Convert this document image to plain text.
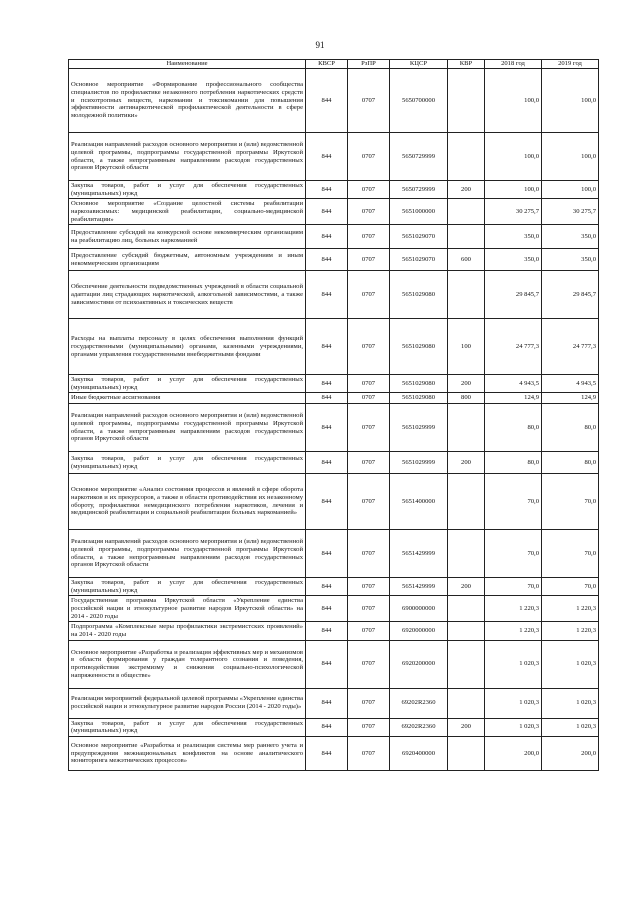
91
Наименование	КВСР	РзПР	КЦСР	КВР	2018 год	2019 год
Основное мероприятие «Формирование профессионального сообщества специалистов по профилактике незаконного потребления наркотических средств и психотропных веществ, наркомании и токсикомании для повышения эффективности антинаркотической профилактической деятельности в сфере молодежной политики»	844	0707	5650700000		100,0	100,0
Реализация направлений расходов основного мероприятия и (или) ведомственной целевой программы, подпрограммы государственной программы Иркутской области, а также непрограммным направлениям расходов государственных органов Иркутской области	844	0707	5650729999		100,0	100,0
Закупка товаров, работ и услуг для обеспечения государственных (муниципальных) нужд	844	0707	5650729999	200	100,0	100,0
Основное мероприятие «Создание целостной системы реабилитации наркозависимых: медицинской реабилитации, социально-медицинской реабилитации»	844	0707	5651000000		30 275,7	30 275,7
Предоставление субсидий на конкурсной основе некоммерческим организациям на реабилитацию лиц, больных наркоманией	844	0707	5651029070		350,0	350,0
Предоставление субсидий бюджетным, автономным учреждениям и иным некоммерческим организациям	844	0707	5651029070	600	350,0	350,0
Обеспечение деятельности подведомственных учреждений в области социальной адаптации лиц страдающих наркотической, алкогольной зависимостями, а также зависимостями от психоактивных и токсических веществ	844	0707	5651029080		29 845,7	29 845,7
Расходы на выплаты персоналу в целях обеспечения выполнения функций государственными (муниципальными) органами, казенными учреждениями, органами управления государственными внебюджетными фондами	844	0707	5651029080	100	24 777,3	24 777,3
Закупка товаров, работ и услуг для обеспечения государственных (муниципальных) нужд	844	0707	5651029080	200	4 943,5	4 943,5
Иные бюджетные ассигнования	844	0707	5651029080	800	124,9	124,9
Реализация направлений расходов основного мероприятия и (или) ведомственной целевой программы, подпрограммы государственной программы Иркутской области, а также непрограммным направлениям расходов государственных органов Иркутской области	844	0707	5651029999		80,0	80,0
Закупка товаров, работ и услуг для обеспечения государственных (муниципальных) нужд	844	0707	5651029999	200	80,0	80,0
Основное мероприятие «Анализ состояния процессов и явлений в сфере оборота наркотиков и их прекурсоров, а также в области противодействия их незаконному обороту, профилактики немедицинского потребления наркотиков, лечения и медицинской реабилитации и социальной реабилитации больных наркоманией»	844	0707	5651400000		70,0	70,0
Реализация направлений расходов основного мероприятия и (или) ведомственной целевой программы, подпрограммы государственной программы Иркутской области, а также непрограммным направлениям расходов государственных органов Иркутской области	844	0707	5651429999		70,0	70,0
Закупка товаров, работ и услуг для обеспечения государственных (муниципальных) нужд	844	0707	5651429999	200	70,0	70,0
Государственная программа Иркутской области «Укрепление единства российской нации и этнокультурное развитие народов Иркутской области» на 2014 - 2020 годы	844	0707	6900000000		1 220,3	1 220,3
Подпрограмма «Комплексные меры профилактики экстремистских проявлений» на 2014 - 2020 годы	844	0707	6920000000		1 220,3	1 220,3
Основное мероприятие «Разработка и реализация эффективных мер и механизмов в области формирования у граждан толерантного сознания и поведения, противодействия экстремизму и снижения социально-психологической напряженности в обществе»	844	0707	6920200000		1 020,3	1 020,3
Реализация мероприятий федеральной целевой программы «Укрепление единства российской нации и этнокультурное развитие народов России (2014 - 2020 годы)»	844	0707	69202R2360		1 020,3	1 020,3
Закупка товаров, работ и услуг для обеспечения государственных (муниципальных) нужд	844	0707	69202R2360	200	1 020,3	1 020,3
Основное мероприятие «Разработка и реализация системы мер раннего учета и предупреждения межнациональных конфликтов на основе аналитического мониторинга межэтнических процессов»	844	0707	6920400000		200,0	200,0
